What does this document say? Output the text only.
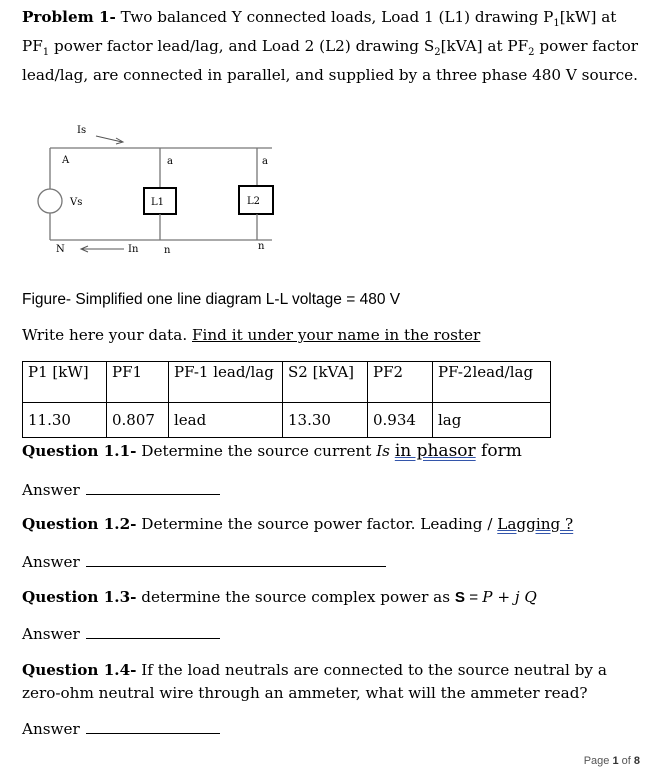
Problem 1- Two balanced Y connected loads, Load 1 (L1) drawing $P_1[kW]$ at $PF_1$ power factor lead/lag, and Load 2 (L2) drawing $S_2[kVA]$ at $PF_2$ power factor lead/lag, are connected in parallel, and supplied by a three phase 480 V source.

Is
A	a	a
Vs	L1	L2
N	In	n	n
Figure- Simplified one line diagram L-L voltage = 480 V
Write here your data. Find it under your name in the roster
P1 [kW]	PF1	PF-1 lead/lag	S2 [kVA]	PF2	PF-2lead/lag
11.30	0.807	lead	13.30	0.934	lag
Question 1.1- Determine the source current Is in phasor form
Answer
Question 1.2- Determine the source power factor. Leading / Lagging ?
Answer
Question 1.3- determine the source complex power as S = P + j Q
Answer
Question 1.4- If the load neutrals are connected to the source neutral by a zero-ohm neutral wire through an ammeter, what will the ammeter read?
Answer
Page 1 of 8
